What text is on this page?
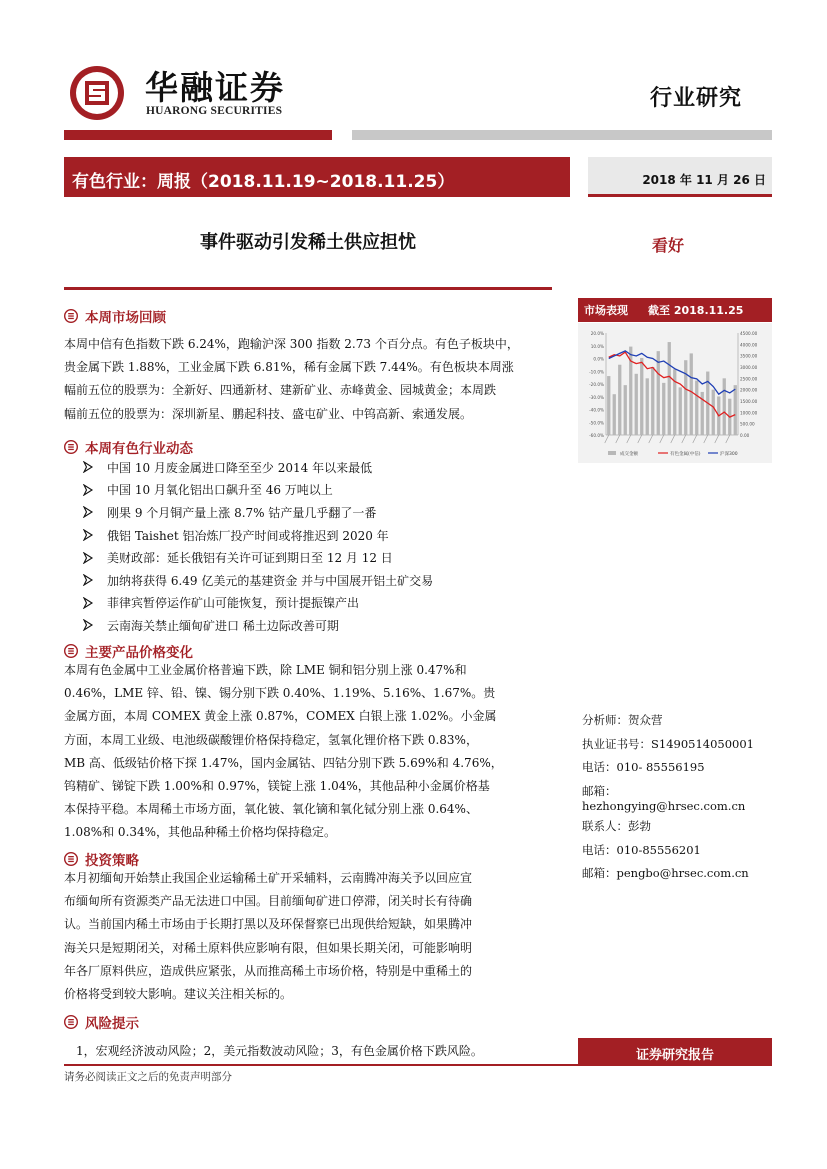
华融证券
HUARONG SECURITIES	行业研究
有色行业：周报（2018.11.19~2018.11.25）	2018 年 11 月 26 日
事件驱动引发稀土供应担忧	看好
本周市场回顾
本周中信有色指数下跌 6.24%，跑输沪深 300 指数 2.73 个百分点。有色子板块中，
贵金属下跌 1.88%，工业金属下跌 6.81%，稀有金属下跌 7.44%。有色板块本周涨
幅前五位的股票为：全新好、四通新材、建新矿业、赤峰黄金、园城黄金；本周跌
幅前五位的股票为：深圳新星、鹏起科技、盛屯矿业、中钨高新、索通发展。
本周有色行业动态
中国 10 月废金属进口降至至少 2014 年以来最低
中国 10 月氧化铝出口飙升至 46 万吨以上
刚果 9 个月铜产量上涨 8.7% 钴产量几乎翻了一番
俄铝 Taishet 铝冶炼厂投产时间或将推迟到 2020 年
美财政部：延长俄铝有关许可证到期日至 12 月 12 日
加纳将获得 6.49 亿美元的基建资金 并与中国展开铝土矿交易
菲律宾暂停运作矿山可能恢复，预计提振镍产出
云南海关禁止缅甸矿进口 稀土边际改善可期
主要产品价格变化
本周有色金属中工业金属价格普遍下跌，除 LME 铜和铝分别上涨 0.47%和
0.46%，LME 锌、铅、镍、锡分别下跌 0.40%、1.19%、5.16%、1.67%。贵
金属方面，本周 COMEX 黄金上涨 0.87%，COMEX 白银上涨 1.02%。小金属
方面，本周工业级、电池级碳酸锂价格保持稳定，氢氧化锂价格下跌 0.83%，
MB 高、低级钴价格下探 1.47%，国内金属钴、四钴分别下跌 5.69%和 4.76%，
钨精矿、锑锭下跌 1.00%和 0.97%，镁锭上涨 1.04%，其他品种小金属价格基
本保持平稳。本周稀土市场方面，氧化铍、氧化镝和氧化铽分别上涨 0.64%、
1.08%和 0.34%，其他品种稀土价格均保持稳定。
投资策略
本月初缅甸开始禁止我国企业运输稀土矿开采辅料，云南腾冲海关予以回应宣
布缅甸所有资源类产品无法进口中国。目前缅甸矿进口停滞，闭关时长有待确
认。当前国内稀土市场由于长期打黑以及环保督察已出现供给短缺，如果腾冲
海关只是短期闭关，对稀土原料供应影响有限，但如果长期关闭，可能影响明
年各厂原料供应，造成供应紧张，从而推高稀土市场价格，特别是中重稀土的
价格将受到较大影响。建议关注相关标的。
风险提示
1，宏观经济波动风险；2，美元指数波动风险；3，有色金属价格下跌风险。
市场表现 截至 2018.11.25
20.0%
10.0%
0.0%
-10.0%
-20.0%
-30.0%
-40.0%
-50.0%
-60.0%
4500.00
4000.00
3500.00
3000.00
2500.00
2000.00
1500.00
1000.00
500.00
0.00
成交金额	有色金属(中信)	沪深300
分析师：贺众营
执业证书号：S1490514050001
电话：010- 85556195
邮箱：hezhongying@hrsec.com.cn
联系人：彭勃
电话：010-85556201
邮箱：pengbo@hrsec.com.cn
证券研究报告
请务必阅读正文之后的免责声明部分
